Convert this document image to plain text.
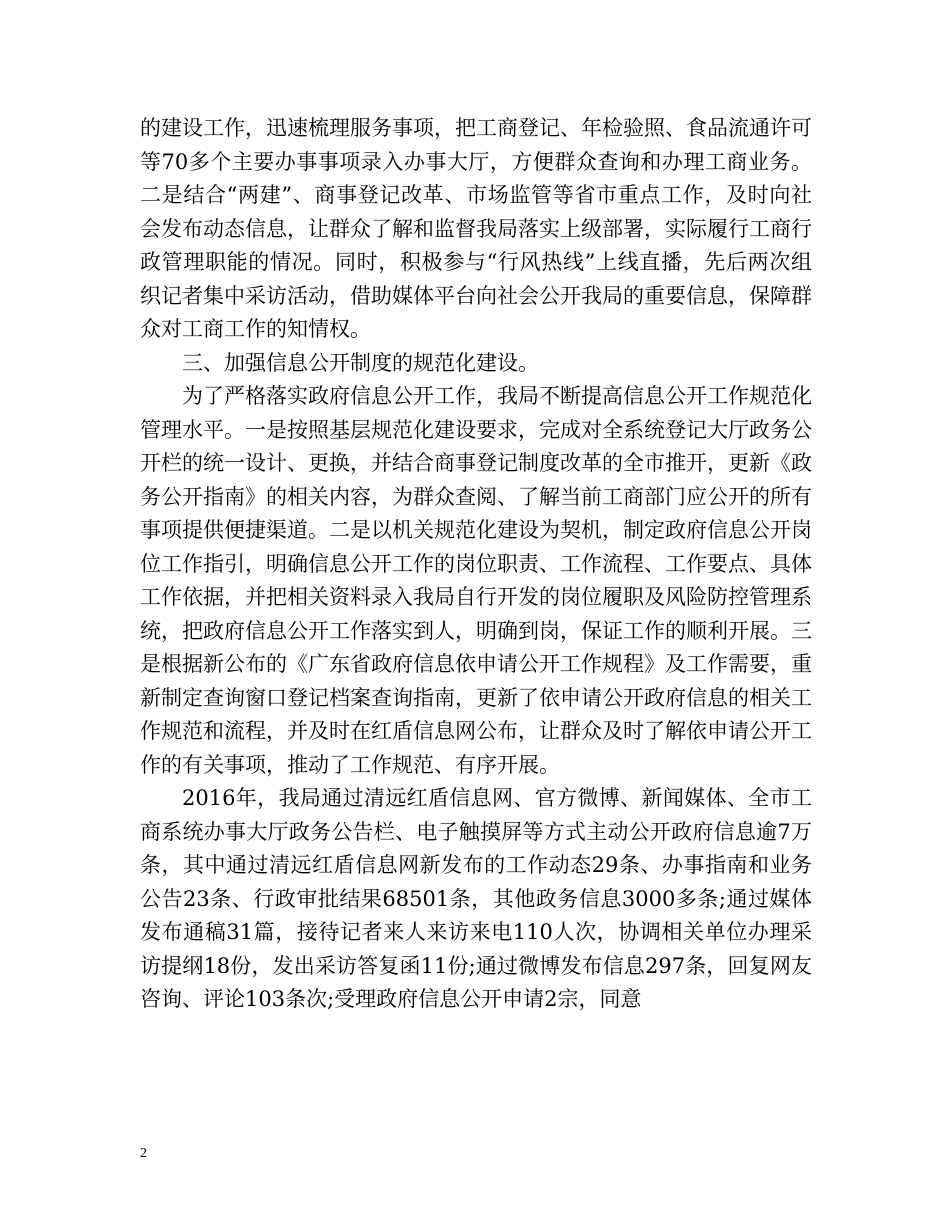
的建设工作，迅速梳理服务事项，把工商登记、年检验照、食品流通许可等70多个主要办事事项录入办事大厅，方便群众查询和办理工商业务。二是结合“两建”、商事登记改革、市场监管等省市重点工作，及时向社会发布动态信息，让群众了解和监督我局落实上级部署，实际履行工商行政管理职能的情况。同时，积极参与“行风热线”上线直播，先后两次组织记者集中采访活动，借助媒体平台向社会公开我局的重要信息，保障群众对工商工作的知情权。

三、加强信息公开制度的规范化建设。

为了严格落实政府信息公开工作，我局不断提高信息公开工作规范化管理水平。一是按照基层规范化建设要求，完成对全系统登记大厅政务公开栏的统一设计、更换，并结合商事登记制度改革的全市推开，更新《政务公开指南》的相关内容，为群众查阅、了解当前工商部门应公开的所有事项提供便捷渠道。二是以机关规范化建设为契机，制定政府信息公开岗位工作指引，明确信息公开工作的岗位职责、工作流程、工作要点、具体工作依据，并把相关资料录入我局自行开发的岗位履职及风险防控管理系统，把政府信息公开工作落实到人，明确到岗，保证工作的顺利开展。三是根据新公布的《广东省政府信息依申请公开工作规程》及工作需要，重新制定查询窗口登记档案查询指南，更新了依申请公开政府信息的相关工作规范和流程，并及时在红盾信息网公布，让群众及时了解依申请公开工作的有关事项，推动了工作规范、有序开展。

2016年，我局通过清远红盾信息网、官方微博、新闻媒体、全市工商系统办事大厅政务公告栏、电子触摸屏等方式主动公开政府信息逾7万条，其中通过清远红盾信息网新发布的工作动态29条、办事指南和业务公告23条、行政审批结果68501条，其他政务信息3000多条;通过媒体发布通稿31篇，接待记者来人来访来电110人次，协调相关单位办理采访提纲18份，发出采访答复函11份;通过微博发布信息297条，回复网友咨询、评论103条次;受理政府信息公开申请2宗，同意

2
